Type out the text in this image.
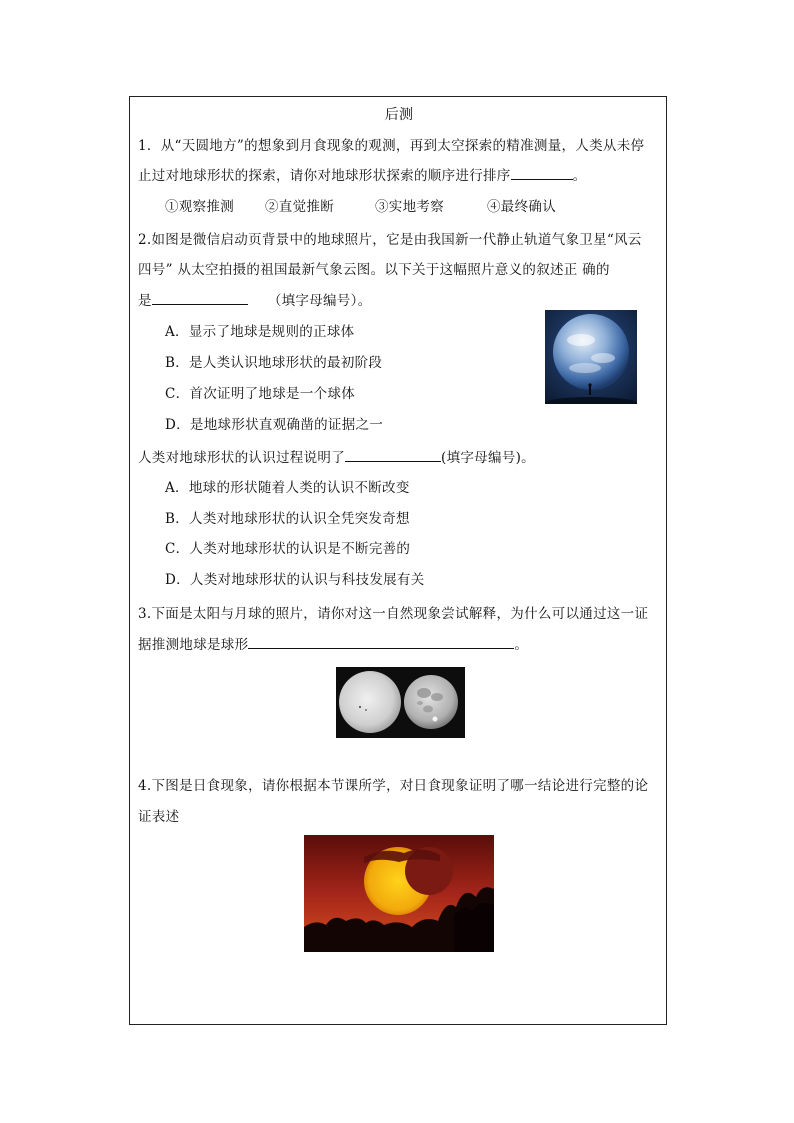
后测
1．从“天圆地方”的想象到月食现象的观测，再到太空探索的精准测量，人类从未停
止过对地球形状的探索，请你对地球形状探索的顺序进行排序	。
①观察推测 ②直觉推断	③实地考察	④最终确认
2.如图是微信启动页背景中的地球照片，它是由我国新一代静止轨道气象卫星“风云
四号” 从太空拍摄的祖国最新气象云图。以下关于这幅照片意义的叙述正 确的
是	（填字母编号）。
A．显示了地球是规则的正球体
B．是人类认识地球形状的最初阶段
C．首次证明了地球是一个球体
D．是地球形状直观确凿的证据之一
人类对地球形状的认识过程说明了	(填字母编号)。
A．地球的形状随着人类的认识不断改变
B．人类对地球形状的认识全凭突发奇想
C．人类对地球形状的认识是不断完善的
D．人类对地球形状的认识与科技发展有关
3.下面是太阳与月球的照片，请你对这一自然现象尝试解释，为什么可以通过这一证
据推测地球是球形	。
4.下图是日食现象，请你根据本节课所学，对日食现象证明了哪一结论进行完整的论
证表述
